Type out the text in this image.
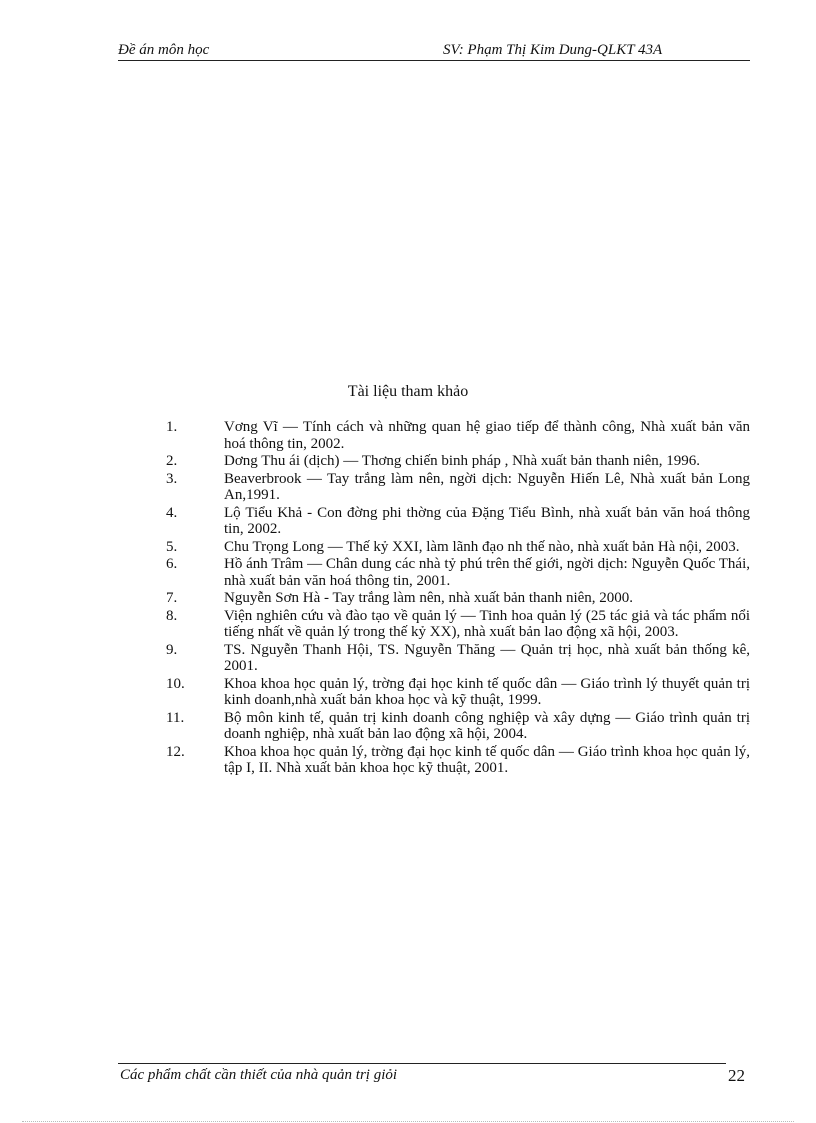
Đề án môn học	SV: Phạm Thị Kim Dung-QLKT 43A
Tài liệu tham khảo
1.	Vơng Vĩ — Tính cách và những quan hệ giao tiếp để thành công, Nhà xuất bản văn hoá thông tin, 2002.
2.	Dơng Thu ái (dịch) — Thơng chiến binh pháp , Nhà xuất bản thanh niên, 1996.
3.	Beaverbrook — Tay trắng làm nên, ngời dịch: Nguyễn Hiến Lê, Nhà xuất bản Long An,1991.
4.	Lộ Tiểu Khả - Con đờng phi thờng của Đặng Tiểu Bình, nhà xuất bản văn hoá thông tin, 2002.
5.	Chu Trọng Long — Thế kỷ XXI, làm lãnh đạo nh thế nào, nhà xuất bản Hà nội, 2003.
6.	Hồ ánh Trâm — Chân dung các nhà tỷ phú trên thế giới, ngời dịch: Nguyễn Quốc Thái, nhà xuất bản văn hoá thông tin, 2001.
7.	Nguyễn Sơn Hà - Tay trắng làm nên, nhà xuất bản thanh niên, 2000.
8.	Viện nghiên cứu và đào tạo về quản lý — Tinh hoa quản lý (25 tác giả và tác phẩm nổi tiếng nhất về quản lý trong thế kỷ XX), nhà xuất bản lao động xã hội, 2003.
9.	TS. Nguyễn Thanh Hội, TS. Nguyễn Thăng — Quản trị học, nhà xuất bản thống kê, 2001.
10.	Khoa khoa học quản lý, trờng đại học kinh tế quốc dân — Giáo trình lý thuyết quản trị kinh doanh,nhà xuất bản khoa học và kỹ thuật, 1999.
11.	Bộ môn kinh tế, quản trị kinh doanh công nghiệp và xây dựng — Giáo trình quản trị doanh nghiệp, nhà xuất bản lao động xã hội, 2004.
12.	Khoa khoa học quản lý, trờng đại học kinh tế quốc dân — Giáo trình khoa học quản lý, tập I, II. Nhà xuất bản khoa học kỹ thuật, 2001.
Các phẩm chất cần thiết của nhà quản trị giỏi	22
